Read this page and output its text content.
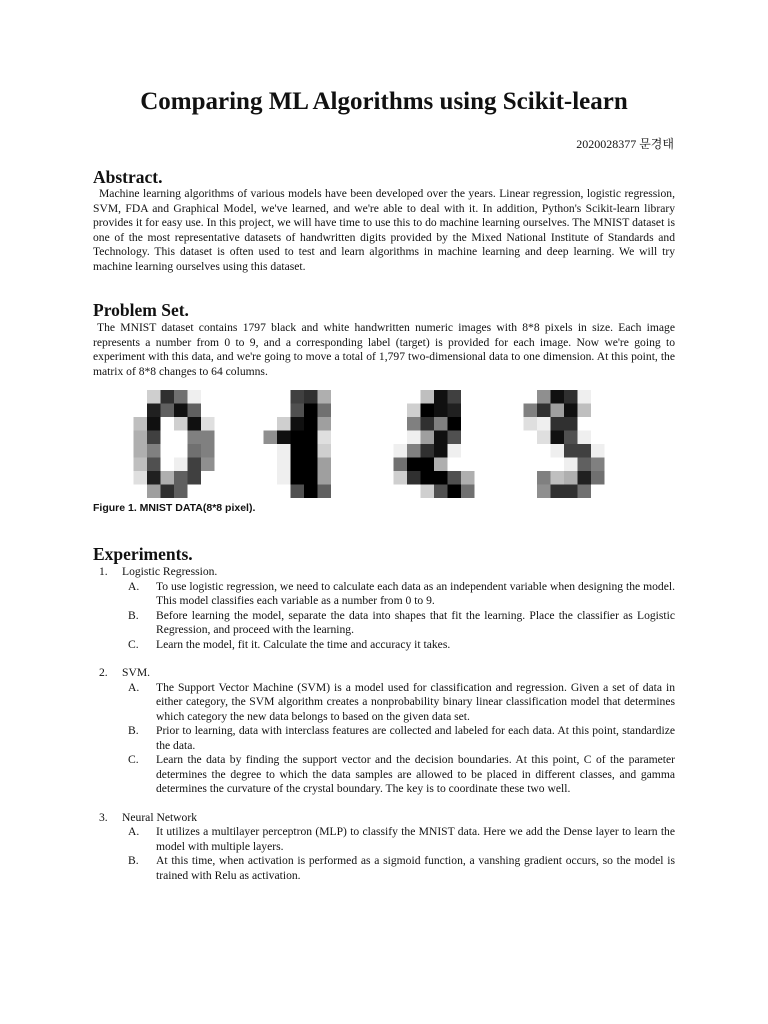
Comparing ML Algorithms using Scikit-learn
2020028377 문경태
Abstract.

Machine learning algorithms of various models have been developed over the years. Linear regression, logistic regression, SVM, FDA and Graphical Model, we've learned, and we're able to deal with it. In addition, Python's Scikit-learn library provides it for easy use. In this project, we will have time to use this to do machine learning ourselves. The MNIST dataset is one of the most representative datasets of handwritten digits provided by the Mixed National Institute of Standards and Technology. This dataset is often used to test and learn algorithms in machine learning and deep learning. We will try machine learning ourselves using this dataset.

Problem Set.

The MNIST dataset contains 1797 black and white handwritten numeric images with 8*8 pixels in size. Each image represents a number from 0 to 9, and a corresponding label (target) is provided for each image. Now we're going to experiment with this data, and we're going to move a total of 1,797 two-dimensional data to one dimension. At this point, the matrix of 8*8 changes to 64 columns.

Figure 1. MNIST DATA(8*8 pixel).
Experiments.
1. Logistic Regression.
A. To use logistic regression, we need to calculate each data as an independent variable when designing the model. This model classifies each variable as a number from 0 to 9.
B. Before learning the model, separate the data into shapes that fit the learning. Place the classifier as Logistic Regression, and proceed with the learning.
C. Learn the model, fit it. Calculate the time and accuracy it takes.
2. SVM.
A. The Support Vector Machine (SVM) is a model used for classification and regression. Given a set of data in either category, the SVM algorithm creates a nonprobability binary linear classification model that determines which category the new data belongs to based on the given data set.
B. Prior to learning, data with interclass features are collected and labeled for each data. At this point, standardize the data.
C. Learn the data by finding the support vector and the decision boundaries. At this point, C of the parameter determines the degree to which the data samples are allowed to be placed in different classes, and gamma determines the curvature of the crystal boundary. The key is to coordinate these two well.
3. Neural Network
A. It utilizes a multilayer perceptron (MLP) to classify the MNIST data. Here we add the Dense layer to learn the model with multiple layers.
B. At this time, when activation is performed as a sigmoid function, a vanshing gradient occurs, so the model is trained with Relu as activation.
